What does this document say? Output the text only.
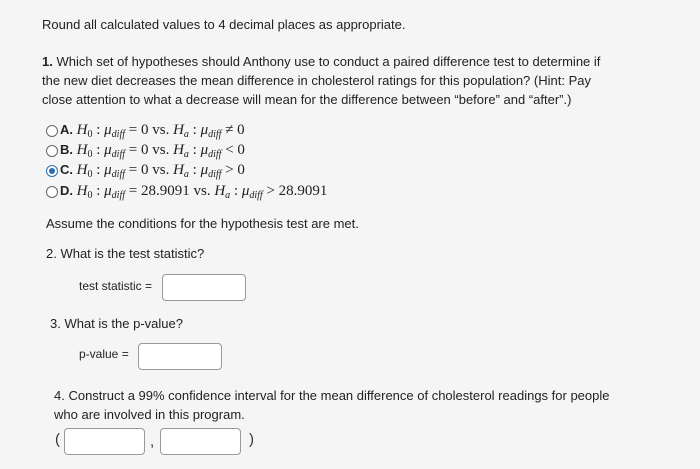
Round all calculated values to 4 decimal places as appropriate.
1. Which set of hypotheses should Anthony use to conduct a paired difference test to determine if the new diet decreases the mean difference in cholesterol ratings for this population? (Hint: Pay close attention to what a decrease will mean for the difference between “before” and “after”.)
A. $H_0$ : $\mu_{diff} = 0$ vs. $H_a$ : $\mu_{diff} \ne 0$
B. $H_0$ : $\mu_{diff} = 0$ vs. $H_a$ : $\mu_{diff} < 0$
C. $H_0$ : $\mu_{diff} = 0$ vs. $H_a$ : $\mu_{diff} > 0$
D. $H_0$ : $\mu_{diff} = 28.9091$ vs. $H_a$ : $\mu_{diff} > 28.9091$
Assume the conditions for the hypothesis test are met.
2. What is the test statistic?
test statistic =
3. What is the p-value?
p-value =
4. Construct a 99% confidence interval for the mean difference of cholesterol readings for people who are involved in this program.
(	,	)
